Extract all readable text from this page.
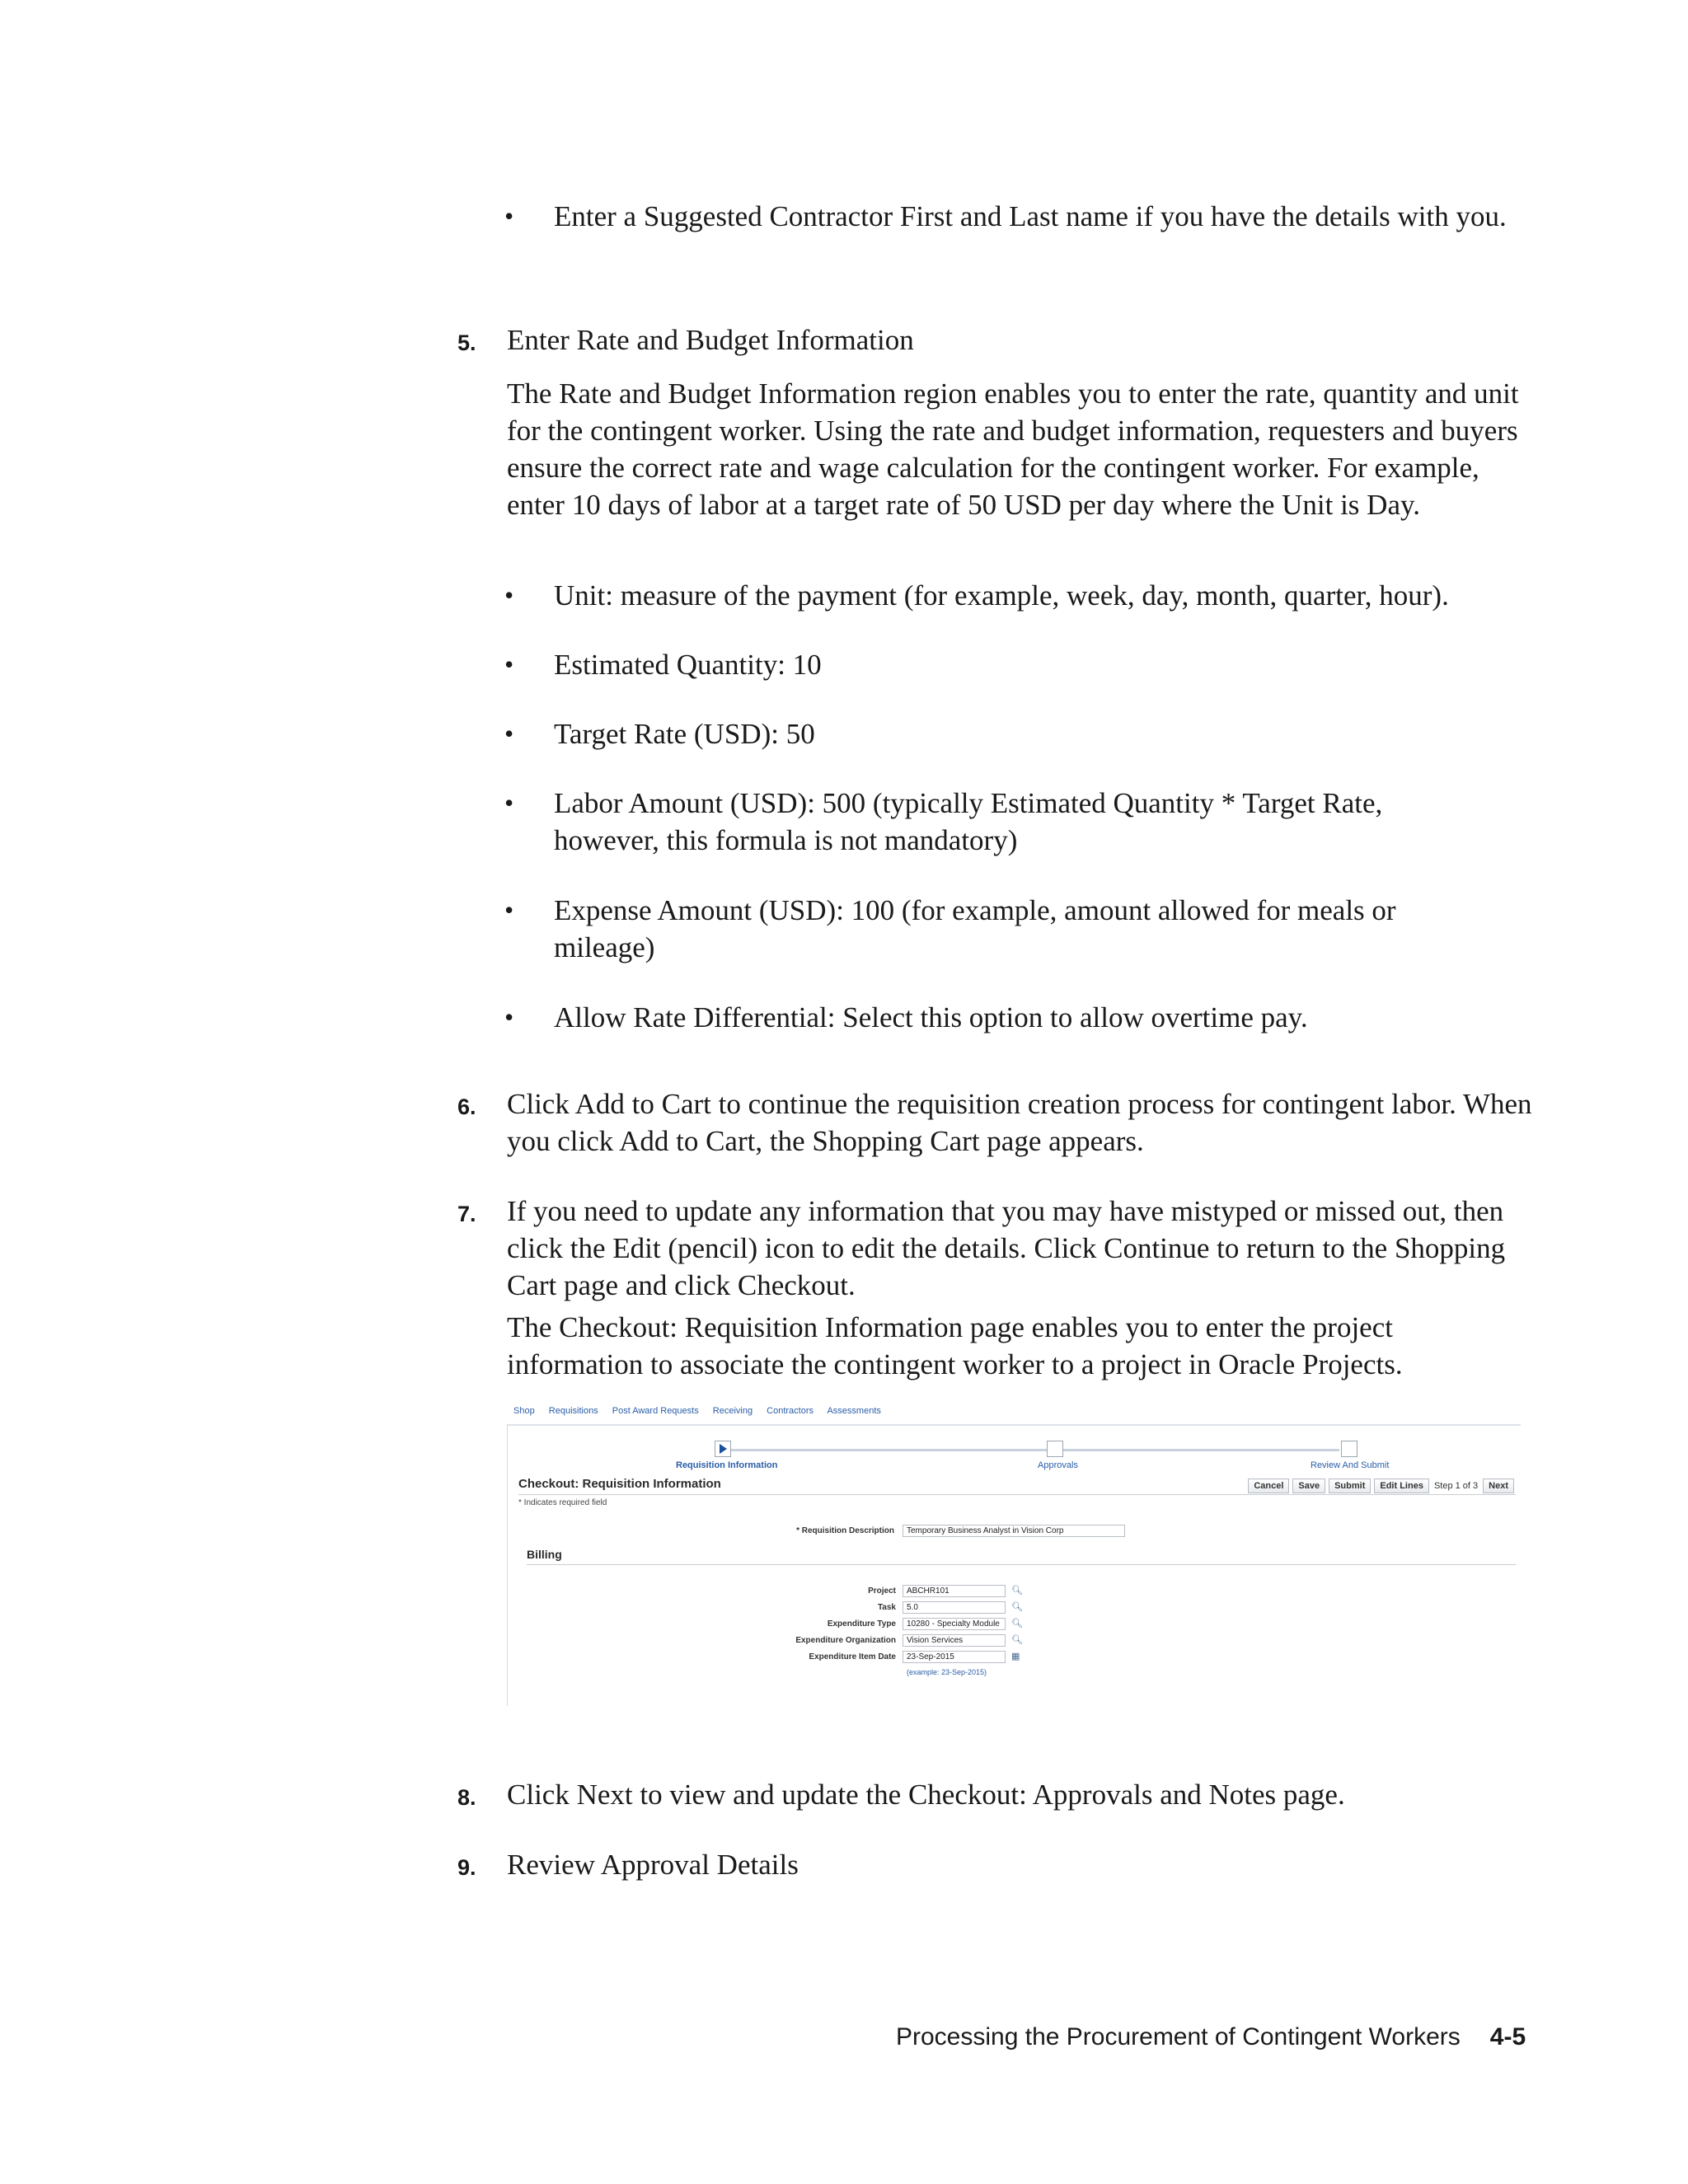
• Enter a Suggested Contractor First and Last name if you have the details with you.
5. Enter Rate and Budget Information
The Rate and Budget Information region enables you to enter the rate, quantity and unit for the contingent worker. Using the rate and budget information, requesters and buyers ensure the correct rate and wage calculation for the contingent worker. For example, enter 10 days of labor at a target rate of 50 USD per day where the Unit is Day.
• Unit: measure of the payment (for example, week, day, month, quarter, hour).
• Estimated Quantity: 10
• Target Rate (USD): 50
• Labor Amount (USD): 500 (typically Estimated Quantity * Target Rate, however, this formula is not mandatory)
• Expense Amount (USD): 100 (for example, amount allowed for meals or mileage)
• Allow Rate Differential: Select this option to allow overtime pay.
6. Click Add to Cart to continue the requisition creation process for contingent labor. When you click Add to Cart, the Shopping Cart page appears.
7. If you need to update any information that you may have mistyped or missed out, then click the Edit (pencil) icon to edit the details. Click Continue to return to the Shopping Cart page and click Checkout.
The Checkout: Requisition Information page enables you to enter the project information to associate the contingent worker to a project in Oracle Projects.
Shop Requisitions Post Award Requests Receiving Contractors Assessments
Requisition Information	Approvals	Review And Submit
Checkout: Requisition Information	Cancel	Save	Submit	Edit Lines	Step 1 of 3	Next
* Indicates required field
* Requisition Description	Temporary Business Analyst in Vision Corp
Billing
Project	ABCHR101	🔍︎
Task	5.0	🔍︎
Expenditure Type	10280 - Specialty Module	🔍︎
Expenditure Organization	Vision Services	🔍︎
Expenditure Item Date	23-Sep-2015	▦
(example: 23-Sep-2015)
8. Click Next to view and update the Checkout: Approvals and Notes page.
9. Review Approval Details
Processing the Procurement of Contingent Workers 4-5
